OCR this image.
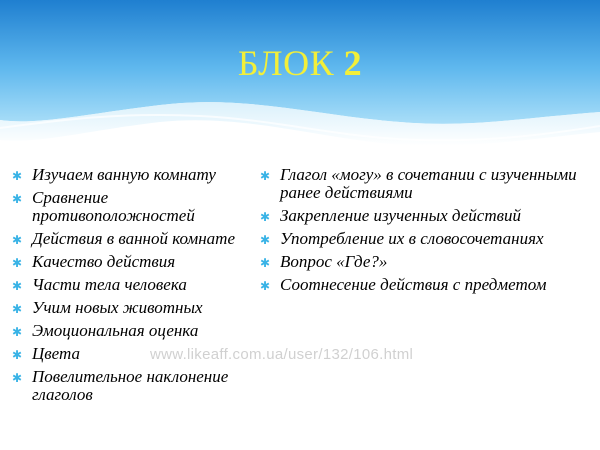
БЛОК 2
✱ Изучаем ванную комнату
✱ Сравнение противоположностей
✱ Действия в ванной комнате
✱ Качество действия
✱ Части тела человека
✱ Учим новых животных
✱ Эмоциональная оценка
✱ Цвета
✱ Повелительное наклонение глаголов
✱ Глагол «могу» в сочетании с изученными ранее действиями
✱ Закрепление изученных действий
✱ Употребление их в словосочетаниях
✱ Вопрос «Где?»
✱ Соотнесение действия с предметом
www.likeaff.com.ua/user/132/106.html
